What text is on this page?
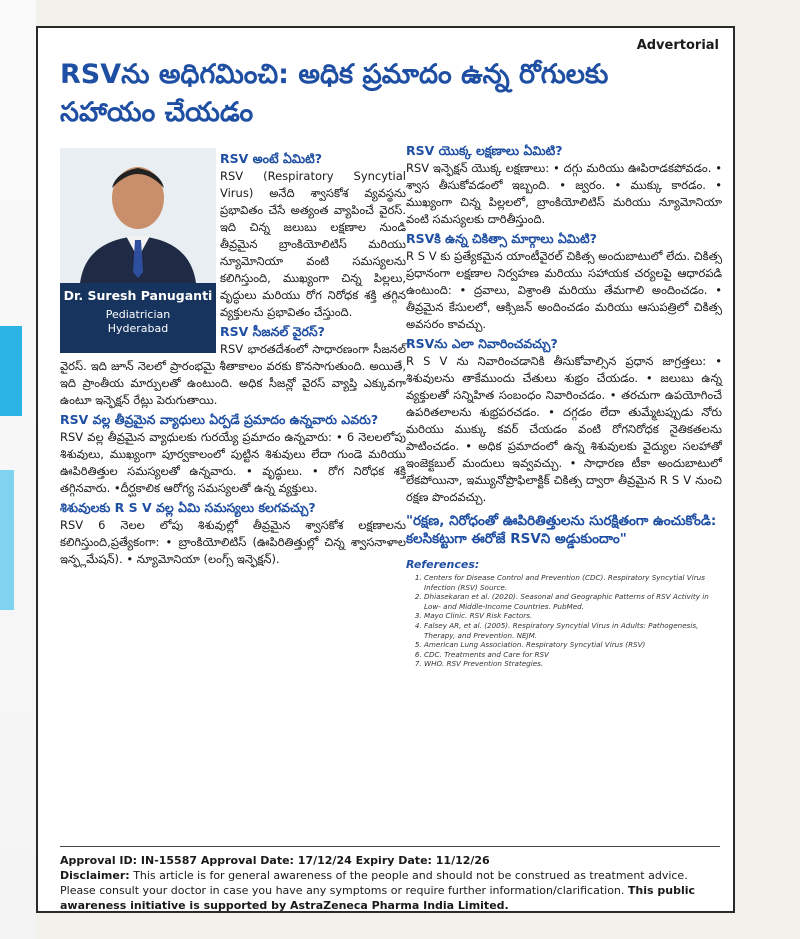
Advertorial
RSVను అధిగమించి: అధిక ప్రమాదం ఉన్న రోగులకు సహాయం చేయడం
Dr. Suresh Panuganti
Pediatrician
Hyderabad
RSV అంటే ఏమిటి?

RSV (Respiratory Syncytial Virus) అనేది శ్వాసకోశ వ్యవస్థను ప్రభావితం చేసే అత్యంత వ్యాపించే వైరస్. ఇది చిన్న జలుబు లక్షణాల నుండి తీవ్రమైన బ్రాంకియోలిటిస్ మరియు న్యూమోనియా వంటి సమస్యలను కలిగిస్తుంది, ముఖ్యంగా చిన్న పిల్లలు, వృద్ధులు మరియు రోగ నిరోధక శక్తి తగ్గిన వ్యక్తులను ప్రభావితం చేస్తుంది.

RSV సీజనల్ వైరస్?

RSV భారతదేశంలో సాధారణంగా సీజనల్ వైరస్. ఇది జూన్ నెలలో ప్రారంభమై శీతాకాలం వరకు కొనసాగుతుంది. అయితే, ఇది ప్రాంతీయ మార్పులతో ఉంటుంది. అధిక సీజన్లో వైరస్ వ్యాప్తి ఎక్కువగా ఉంటూ ఇన్ఫెక్షన్ రేట్లు పెరుగుతాయి.

RSV వల్ల తీవ్రమైన వ్యాధులు ఏర్పడే ప్రమాదం ఉన్నవారు ఎవరు?

RSV వల్ల తీవ్రమైన వ్యాధులకు గురయ్యే ప్రమాదం ఉన్నవారు: • 6 నెలలలోపు శిశువులు, ముఖ్యంగా పూర్వకాలంలో పుట్టిన శిశువులు లేదా గుండె మరియు ఊపిరితిత్తుల సమస్యలతో ఉన్నవారు. • వృద్ధులు. • రోగ నిరోధక శక్తి తగ్గినవారు. •దీర్ఘకాలిక ఆరోగ్య సమస్యలతో ఉన్న వ్యక్తులు.

శిశువులకు R S V వల్ల ఏమి సమస్యలు కలగవచ్చు?

RSV 6 నెలల లోపు శిశువుల్లో తీవ్రమైన శ్వాసకోశ లక్షణాలను కలిగిస్తుంది,ప్రత్యేకంగా: • బ్రాంకియోలిటిస్ (ఊపిరితిత్తుల్లో చిన్న శ్వాసనాళాల ఇన్ఫ్లమేషన్). • న్యూమోనియా (లంగ్స్ ఇన్ఫెక్షన్).

RSV యొక్క లక్షణాలు ఏమిటి?

RSV ఇన్ఫెక్షన్ యొక్క లక్షణాలు: • దగ్గు మరియు ఊపిరాడకపోవడం. • శ్వాస తీసుకోవడంలో ఇబ్బంది. • జ్వరం. • ముక్కు కారడం. • ముఖ్యంగా చిన్న పిల్లలలో, బ్రాంకియోలిటిస్ మరియు న్యూమోనియా వంటి సమస్యలకు దారితీస్తుంది.

RSVకి ఉన్న చికిత్సా మార్గాలు ఏమిటి?

R S V కు ప్రత్యేకమైన యాంటీవైరల్ చికిత్స అందుబాటులో లేదు. చికిత్స ప్రధానంగా లక్షణాల నిర్వహణ మరియు సహాయక చర్యలపై ఆధారపడి ఉంటుంది: • ద్రవాలు, విశ్రాంతి మరియు తేమగాలి అందించడం. • తీవ్రమైన కేసులలో, ఆక్సిజన్ అందించడం మరియు ఆసుపత్రిలో చికిత్స అవసరం కావచ్చు.

RSVను ఎలా నివారించవచ్చు?

R S V ను నివారించడానికి తీసుకోవాల్సిన ప్రధాన జాగ్రత్తలు: • శిశువులను తాకేముందు చేతులు శుభ్రం చేయడం. • జలుబు ఉన్న వ్యక్తులతో సన్నిహిత సంబంధం నివారించడం. • తరచుగా ఉపయోగించే ఉపరితలాలను శుభ్రపరచడం. • దగ్గడం లేదా తుమ్మేటప్పుడు నోరు మరియు ముక్కు కవర్ చేయడం వంటి రోగనిరోధక నైతికతలను పాటించడం. • అధిక ప్రమాదంలో ఉన్న శిశువులకు వైద్యుల సలహాతో ఇంజెక్టబుల్ మందులు ఇవ్వవచ్చు. • సాధారణ టీకా అందుబాటులో లేకపోయినా, ఇమ్యునోప్రొఫిలాక్టిక్ చికిత్స ద్వారా తీవ్రమైన R S V నుంచి రక్షణ పొందవచ్చు.

"రక్షణ, నిరోధంతో ఊపిరితిత్తులను సురక్షితంగా ఉంచుకోండి: కలసికట్టుగా ఈరోజే RSVని అడ్డుకుందాం"
References:
1. Centers for Disease Control and Prevention (CDC). Respiratory Syncytial Virus Infection (RSV) Source.
2. Dhiasekaran et al. (2020). Seasonal and Geographic Patterns of RSV Activity in Low- and Middle-Income Countries. PubMed.
3. Mayo Clinic. RSV Risk Factors.
4. Falsey AR, et al. (2005). Respiratory Syncytial Virus in Adults: Pathogenesis, Therapy, and Prevention. NEJM.
5. American Lung Association. Respiratory Syncytial Virus (RSV)
6. CDC. Treatments and Care for RSV
7. WHO. RSV Prevention Strategies.
Approval ID: IN-15587 Approval Date: 17/12/24 Expiry Date: 11/12/26
Disclaimer: This article is for general awareness of the people and should not be construed as treatment advice. Please consult your doctor in case you have any symptoms or require further information/clarification. This public awareness initiative is supported by AstraZeneca Pharma India Limited.
